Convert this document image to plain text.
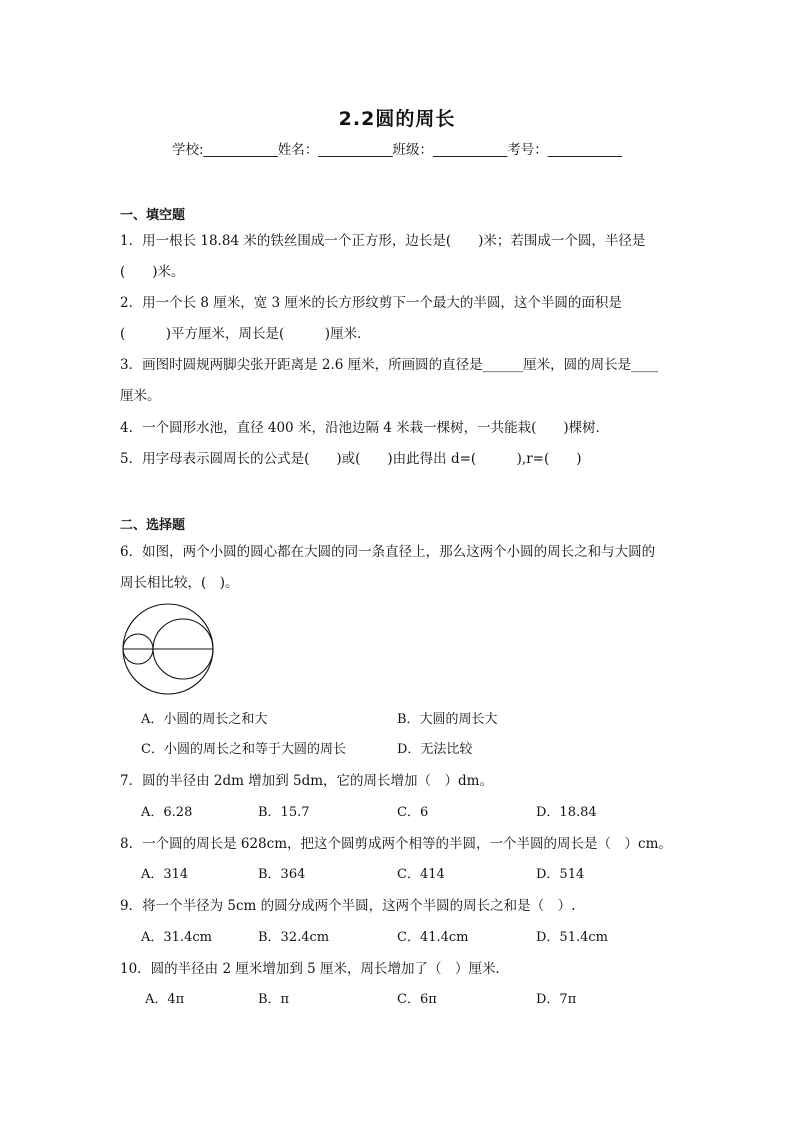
2.2圆的周长
学校:___________姓名：___________班级：___________考号：___________
一、填空题
1．用一根长 18.84 米的铁丝围成一个正方形，边长是(　　)米；若围成一个圆，半径是
(　　)米。
2．用一个长 8 厘米，宽 3 厘米的长方形纹剪下一个最大的半圆，这个半圆的面积是
(　　　)平方厘米，周长是(　　　)厘米．
3．画图时圆规两脚尖张开距离是 2.6 厘米，所画圆的直径是______厘米，圆的周长是____
厘米。
4．一个圆形水池，直径 400 米，沿池边隔 4 米栽一棵树，一共能栽(　　)棵树．
5．用字母表示圆周长的公式是(　　)或(　　)由此得出 d=(　　　),r=(　　)
二、选择题
6．如图，两个小圆的圆心都在大圆的同一条直径上，那么这两个小圆的周长之和与大圆的
周长相比较，(　)。
A．小圆的周长之和大	B．大圆的周长大
C．小圆的周长之和等于大圆的周长	D．无法比较
7．圆的半径由 2dm 增加到 5dm，它的周长增加（　）dm。
A．6.28	B．15.7	C．6	D．18.84
8．一个圆的周长是 628cm，把这个圆剪成两个相等的半圆，一个半圆的周长是（　）cm。
A．314	B．364	C．414	D．514
9．将一个半径为 5cm 的圆分成两个半圆，这两个半圆的周长之和是（　）.
A．31.4cm	B．32.4cm	C．41.4cm	D．51.4cm
10．圆的半径由 2 厘米增加到 5 厘米，周长增加了（　）厘米．
A．4π	B．π	C．6π	D．7π
